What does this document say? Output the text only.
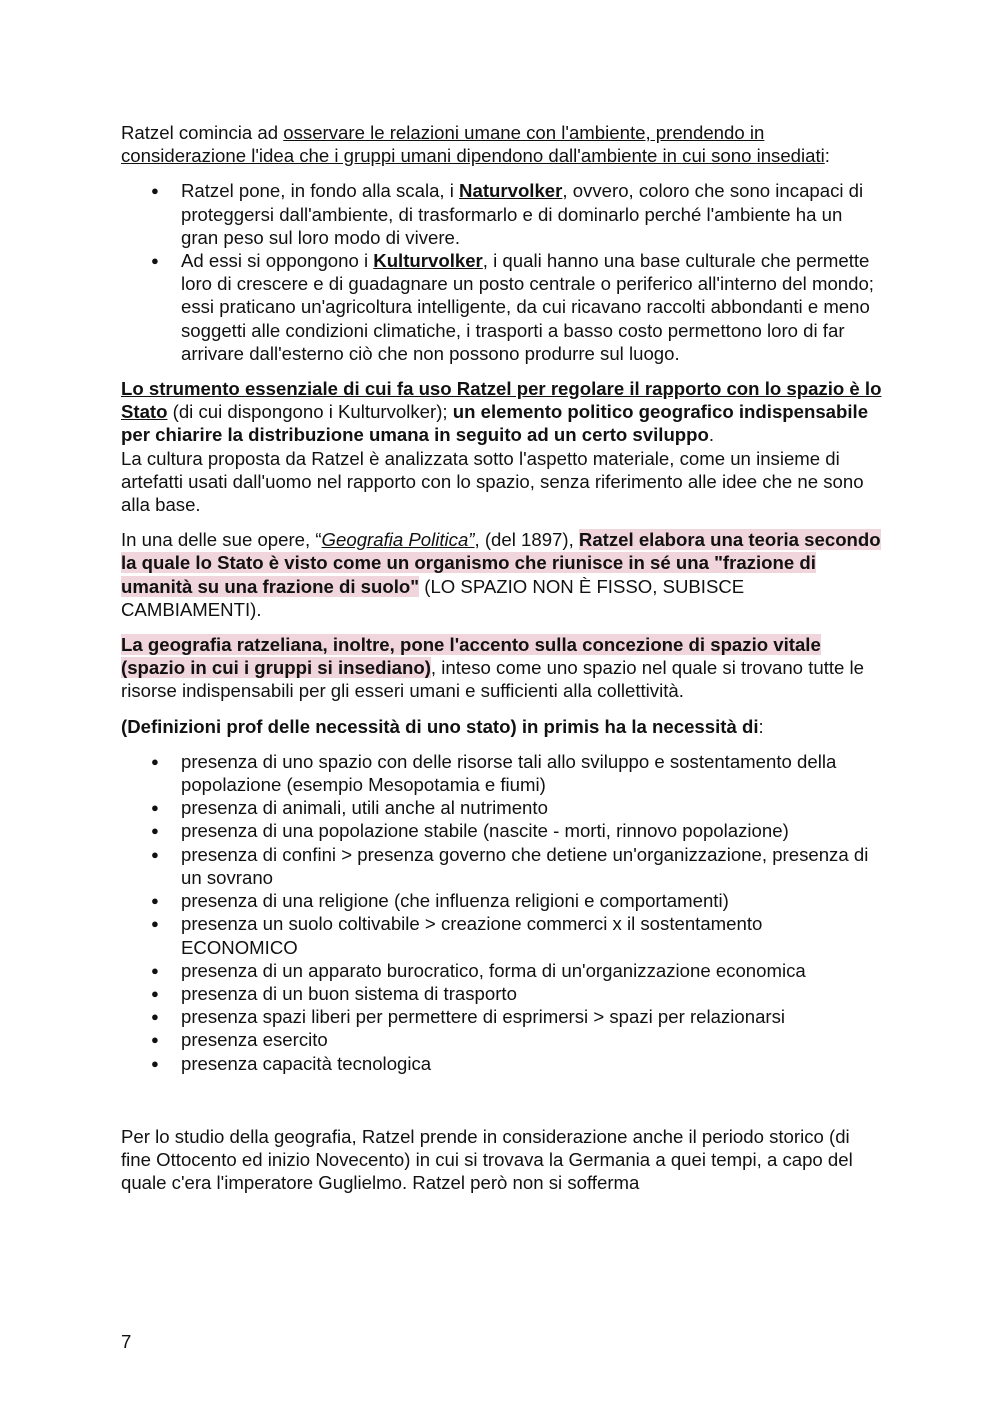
Ratzel comincia ad osservare le relazioni umane con l'ambiente, prendendo in considerazione l'idea che i gruppi umani dipendono dall'ambiente in cui sono insediati:

● Ratzel pone, in fondo alla scala, i Naturvolker, ovvero, coloro che sono incapaci di proteggersi dall'ambiente, di trasformarlo e di dominarlo perché l'ambiente ha un gran peso sul loro modo di vivere.
● Ad essi si oppongono i Kulturvolker, i quali hanno una base culturale che permette loro di crescere e di guadagnare un posto centrale o periferico all'interno del mondo; essi praticano un'agricoltura intelligente, da cui ricavano raccolti abbondanti e meno soggetti alle condizioni climatiche, i trasporti a basso costo permettono loro di far arrivare dall'esterno ciò che non possono produrre sul luogo.

Lo strumento essenziale di cui fa uso Ratzel per regolare il rapporto con lo spazio è lo Stato (di cui dispongono i Kulturvolker); un elemento politico geografico indispensabile per chiarire la distribuzione umana in seguito ad un certo sviluppo.
La cultura proposta da Ratzel è analizzata sotto l'aspetto materiale, come un insieme di artefatti usati dall'uomo nel rapporto con lo spazio, senza riferimento alle idee che ne sono alla base.

In una delle sue opere, “Geografia Politica”, (del 1897), Ratzel elabora una teoria secondo la quale lo Stato è visto come un organismo che riunisce in sé una "frazione di umanità su una frazione di suolo" (LO SPAZIO NON È FISSO, SUBISCE CAMBIAMENTI).

La geografia ratzeliana, inoltre, pone l'accento sulla concezione di spazio vitale (spazio in cui i gruppi si insediano), inteso come uno spazio nel quale si trovano tutte le risorse indispensabili per gli esseri umani e sufficienti alla collettività.

(Definizioni prof delle necessità di uno stato) in primis ha la necessità di:

● presenza di uno spazio con delle risorse tali allo sviluppo e sostentamento della popolazione (esempio Mesopotamia e fiumi)
● presenza di animali, utili anche al nutrimento
● presenza di una popolazione stabile (nascite - morti, rinnovo popolazione)
● presenza di confini > presenza governo che detiene un'organizzazione, presenza di un sovrano
● presenza di una religione (che influenza religioni e comportamenti)
● presenza un suolo coltivabile > creazione commerci x il sostentamento ECONOMICO
● presenza di un apparato burocratico, forma di un'organizzazione economica
● presenza di un buon sistema di trasporto
● presenza spazi liberi per permettere di esprimersi > spazi per relazionarsi
● presenza esercito
● presenza capacità tecnologica

Per lo studio della geografia, Ratzel prende in considerazione anche il periodo storico (di fine Ottocento ed inizio Novecento) in cui si trovava la Germania a quei tempi, a capo del quale c'era l'imperatore Guglielmo. Ratzel però non si sofferma

7
